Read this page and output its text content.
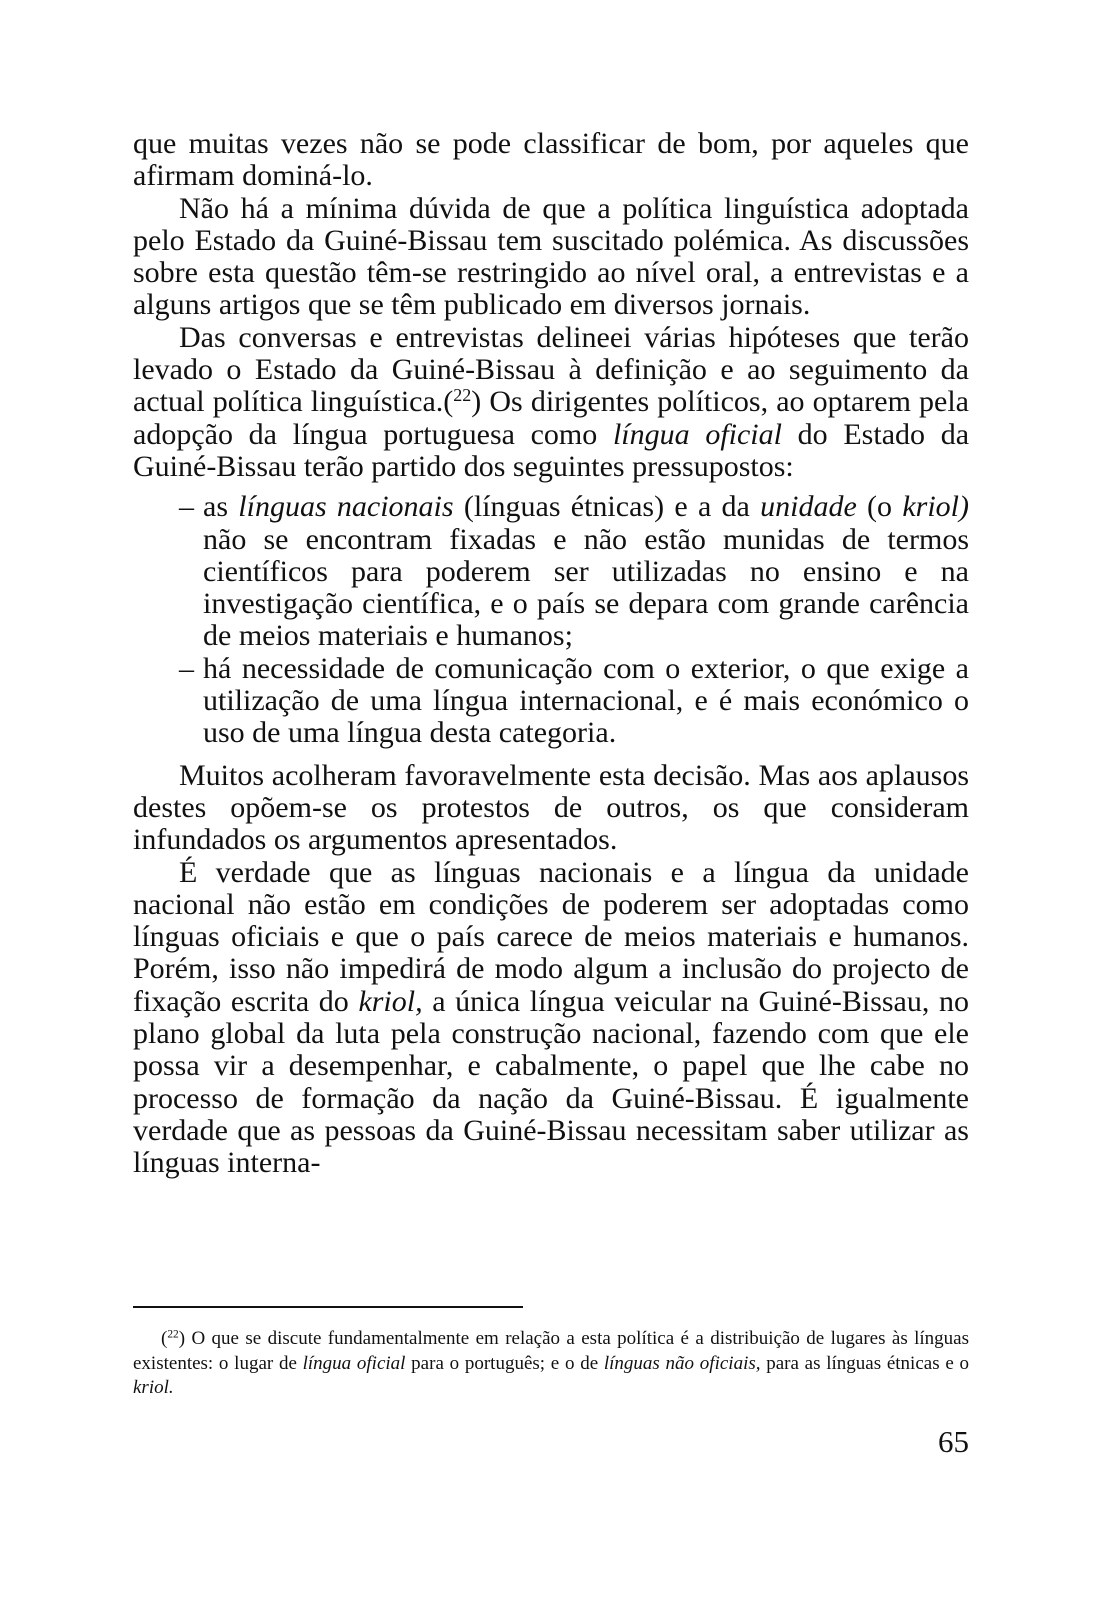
que muitas vezes não se pode classificar de bom, por aqueles que afirmam dominá-lo.

Não há a mínima dúvida de que a política linguística adoptada pelo Estado da Guiné-Bissau tem suscitado polémica. As discussões sobre esta questão têm-se restringido ao nível oral, a entrevistas e a alguns artigos que se têm publicado em diversos jornais.

Das conversas e entrevistas delineei várias hipóteses que terão levado o Estado da Guiné-Bissau à definição e ao seguimento da actual política linguística.($^{22}$) Os dirigentes políticos, ao optarem pela adopção da língua portuguesa como língua oficial do Estado da Guiné-Bissau terão partido dos seguintes pressupostos:

– as línguas nacionais (línguas étnicas) e a da unidade (o kriol) não se encontram fixadas e não estão munidas de termos científicos para poderem ser utilizadas no ensino e na investigação científica, e o país se depara com grande carência de meios materiais e humanos;
– há necessidade de comunicação com o exterior, o que exige a utilização de uma língua internacional, e é mais económico o uso de uma língua desta categoria.

Muitos acolheram favoravelmente esta decisão. Mas aos aplausos destes opõem-se os protestos de outros, os que consideram infundados os argumentos apresentados.

É verdade que as línguas nacionais e a língua da unidade nacional não estão em condições de poderem ser adoptadas como línguas oficiais e que o país carece de meios materiais e humanos. Porém, isso não impedirá de modo algum a inclusão do projecto de fixação escrita do kriol, a única língua veicular na Guiné-Bissau, no plano global da luta pela construção nacional, fazendo com que ele possa vir a desempenhar, e cabalmente, o papel que lhe cabe no processo de formação da nação da Guiné-Bissau. É igualmente verdade que as pessoas da Guiné-Bissau necessitam saber utilizar as línguas interna-

($^{22}$) O que se discute fundamentalmente em relação a esta política é a distribuição de lugares às línguas existentes: o lugar de língua oficial para o português; e o de línguas não oficiais, para as línguas étnicas e o kriol.

65
